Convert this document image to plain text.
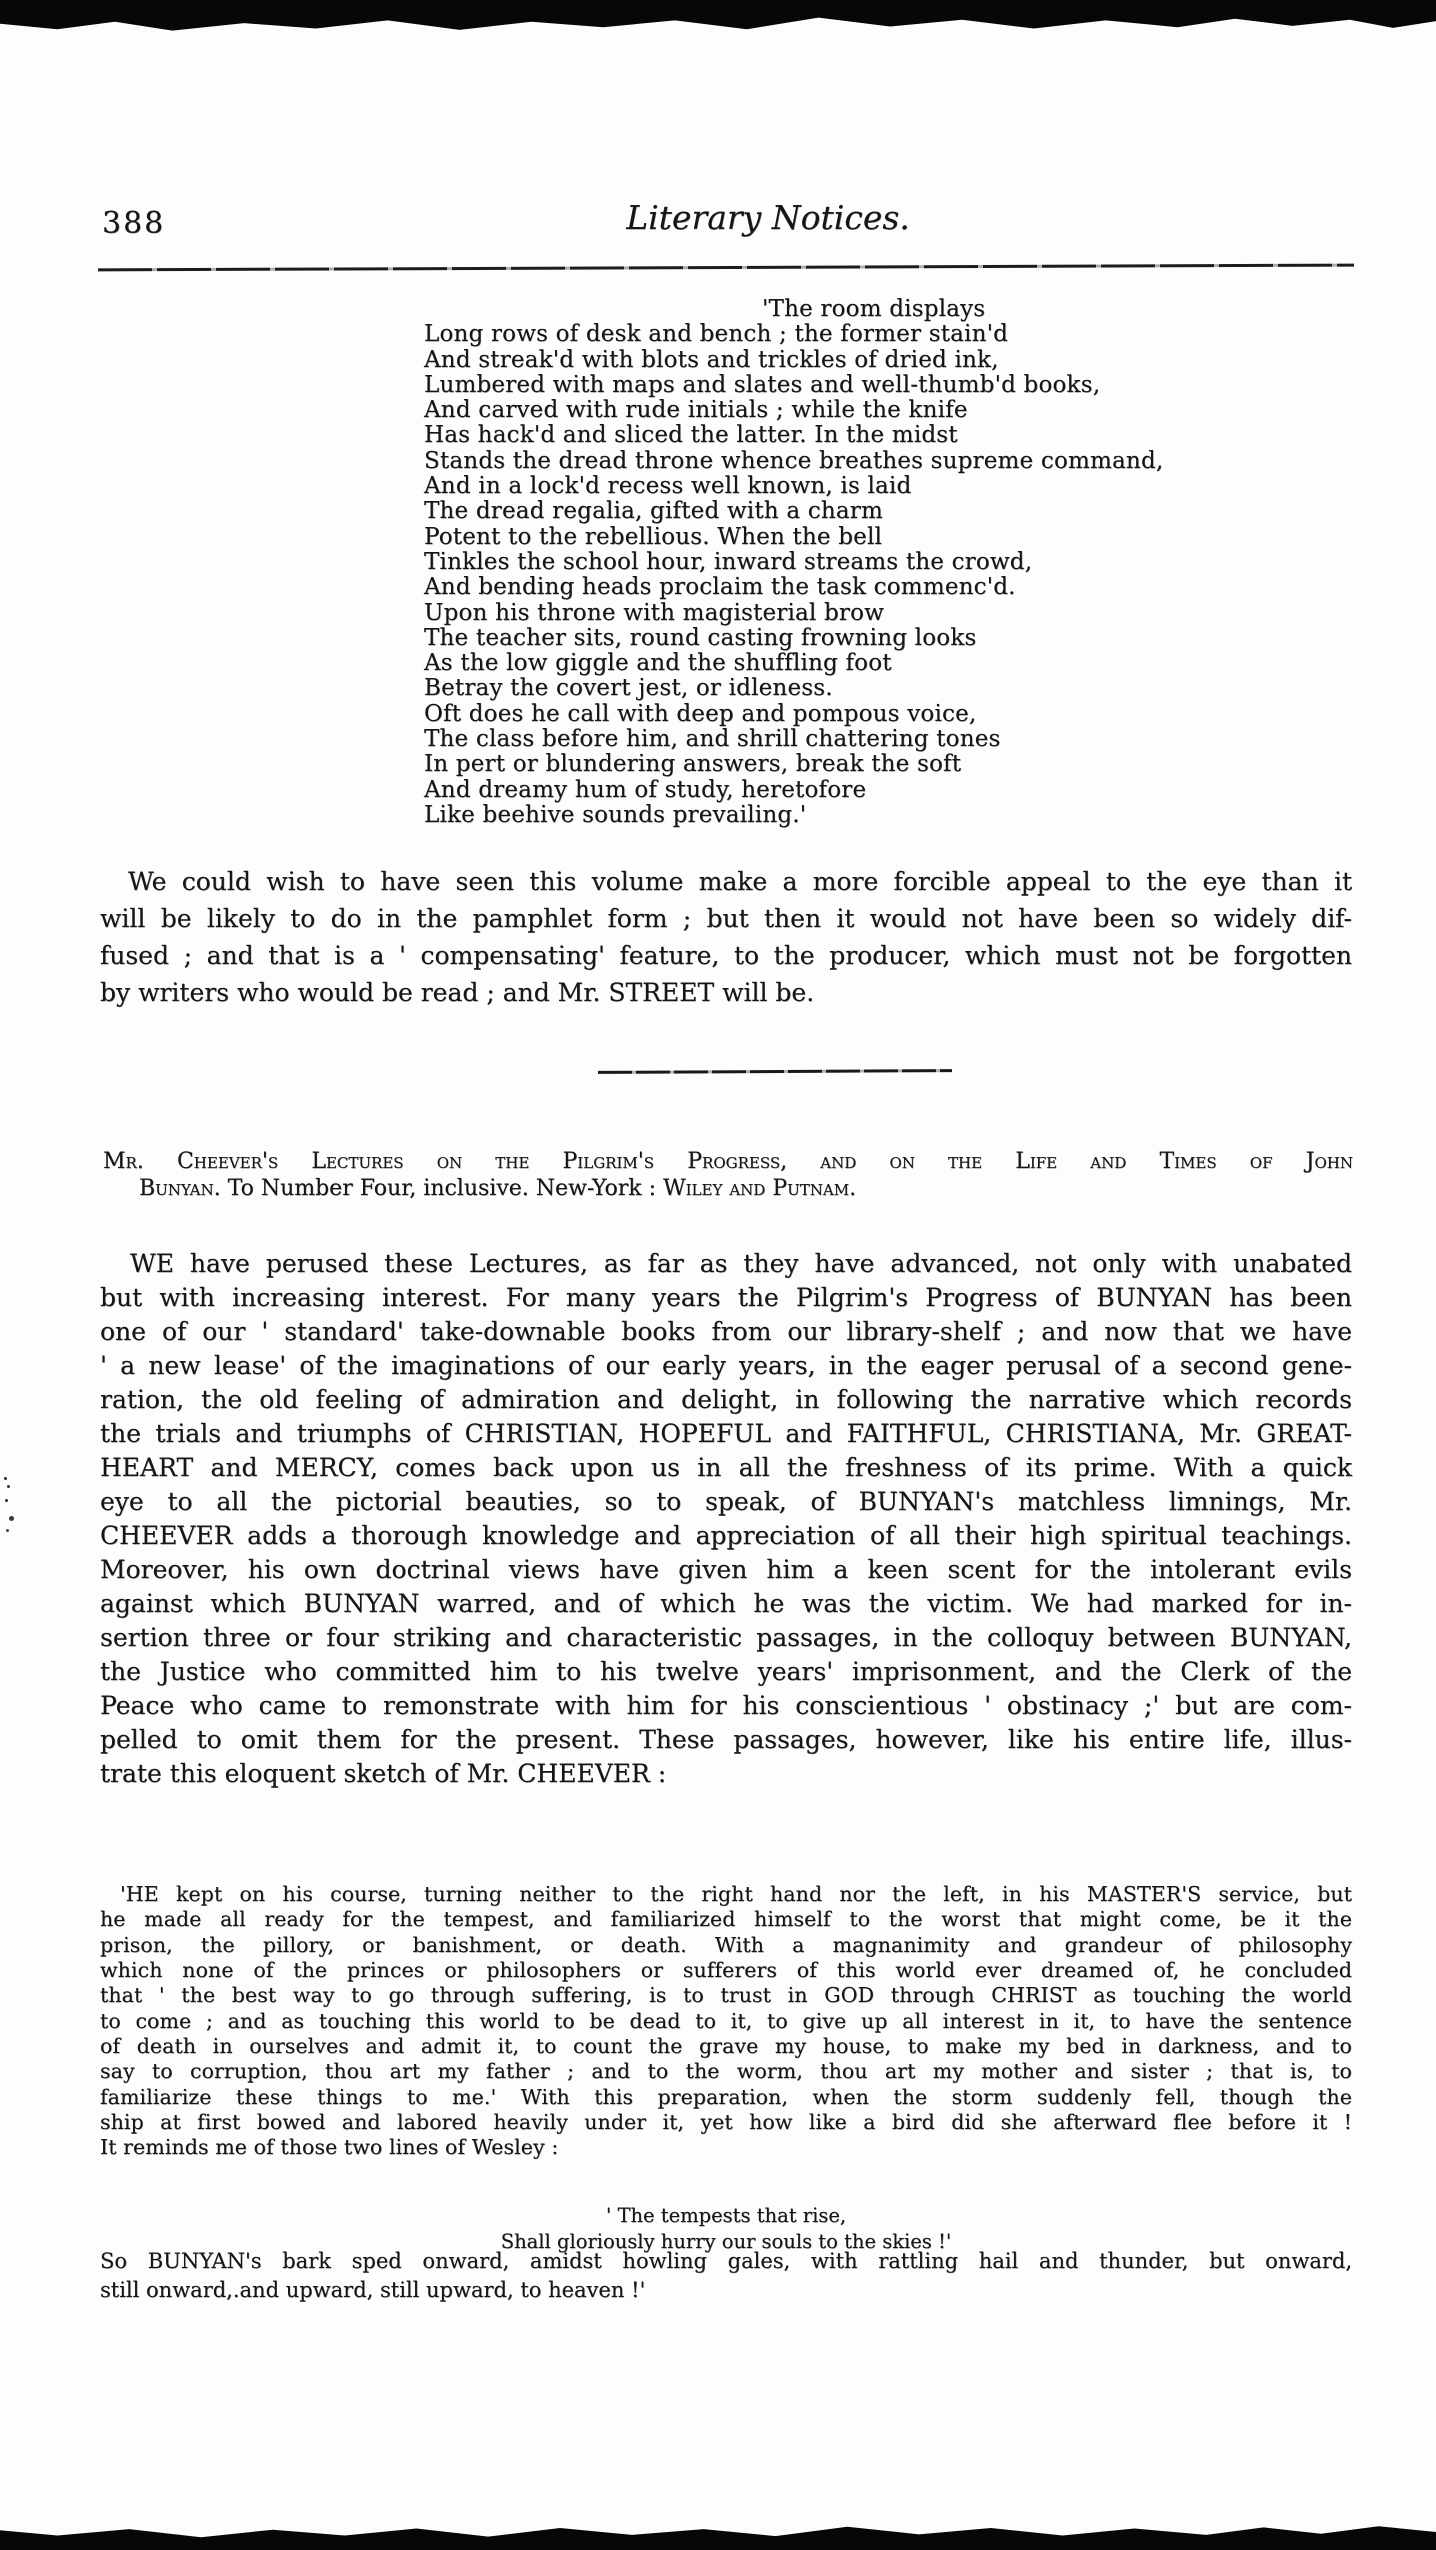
388	Literary Notices.
'The room displays
Long rows of desk and bench ; the former stain'd
And streak'd with blots and trickles of dried ink,
Lumbered with maps and slates and well-thumb'd books,
And carved with rude initials ; while the knife
Has hack'd and sliced the latter. In the midst
Stands the dread throne whence breathes supreme command,
And in a lock'd recess well known, is laid
The dread regalia, gifted with a charm
Potent to the rebellious. When the bell
Tinkles the school hour, inward streams the crowd,
And bending heads proclaim the task commenc'd.
Upon his throne with magisterial brow
The teacher sits, round casting frowning looks
As the low giggle and the shuffling foot
Betray the covert jest, or idleness.
Oft does he call with deep and pompous voice,
The class before him, and shrill chattering tones
In pert or blundering answers, break the soft
And dreamy hum of study, heretofore
Like beehive sounds prevailing.'
We could wish to have seen this volume make a more forcible appeal to the eye than it
will be likely to do in the pamphlet form ; but then it would not have been so widely dif-
fused ; and that is a ' compensating' feature, to the producer, which must not be forgotten
by writers who would be read ; and Mr. STREET will be.
Mr. Cheever's Lectures on the Pilgrim's Progress, and on the Life and Times of John
Bunyan. To Number Four, inclusive. New-York : Wiley and Putnam.
WE have perused these Lectures, as far as they have advanced, not only with unabated
but with increasing interest. For many years the Pilgrim's Progress of BUNYAN has been
one of our ' standard' take-downable books from our library-shelf ; and now that we have
' a new lease' of the imaginations of our early years, in the eager perusal of a second gene-
ration, the old feeling of admiration and delight, in following the narrative which records
the trials and triumphs of CHRISTIAN, HOPEFUL and FAITHFUL, CHRISTIANA, Mr. GREAT-
HEART and MERCY, comes back upon us in all the freshness of its prime. With a quick
eye to all the pictorial beauties, so to speak, of BUNYAN's matchless limnings, Mr.
CHEEVER adds a thorough knowledge and appreciation of all their high spiritual teachings.
Moreover, his own doctrinal views have given him a keen scent for the intolerant evils
against which BUNYAN warred, and of which he was the victim. We had marked for in-
sertion three or four striking and characteristic passages, in the colloquy between BUNYAN,
the Justice who committed him to his twelve years' imprisonment, and the Clerk of the
Peace who came to remonstrate with him for his conscientious ' obstinacy ;' but are com-
pelled to omit them for the present. These passages, however, like his entire life, illus-
trate this eloquent sketch of Mr. CHEEVER :
'HE kept on his course, turning neither to the right hand nor the left, in his MASTER'S service, but
he made all ready for the tempest, and familiarized himself to the worst that might come, be it the
prison, the pillory, or banishment, or death. With a magnanimity and grandeur of philosophy
which none of the princes or philosophers or sufferers of this world ever dreamed of, he concluded
that ' the best way to go through suffering, is to trust in GOD through CHRIST as touching the world
to come ; and as touching this world to be dead to it, to give up all interest in it, to have the sentence
of death in ourselves and admit it, to count the grave my house, to make my bed in darkness, and to
say to corruption, thou art my father ; and to the worm, thou art my mother and sister ; that is, to
familiarize these things to me.' With this preparation, when the storm suddenly fell, though the
ship at first bowed and labored heavily under it, yet how like a bird did she afterward flee before it !
It reminds me of those two lines of Wesley :
' The tempests that rise,
Shall gloriously hurry our souls to the skies !'
So BUNYAN's bark sped onward, amidst howling gales, with rattling hail and thunder, but onward,
still onward,.and upward, still upward, to heaven !'
